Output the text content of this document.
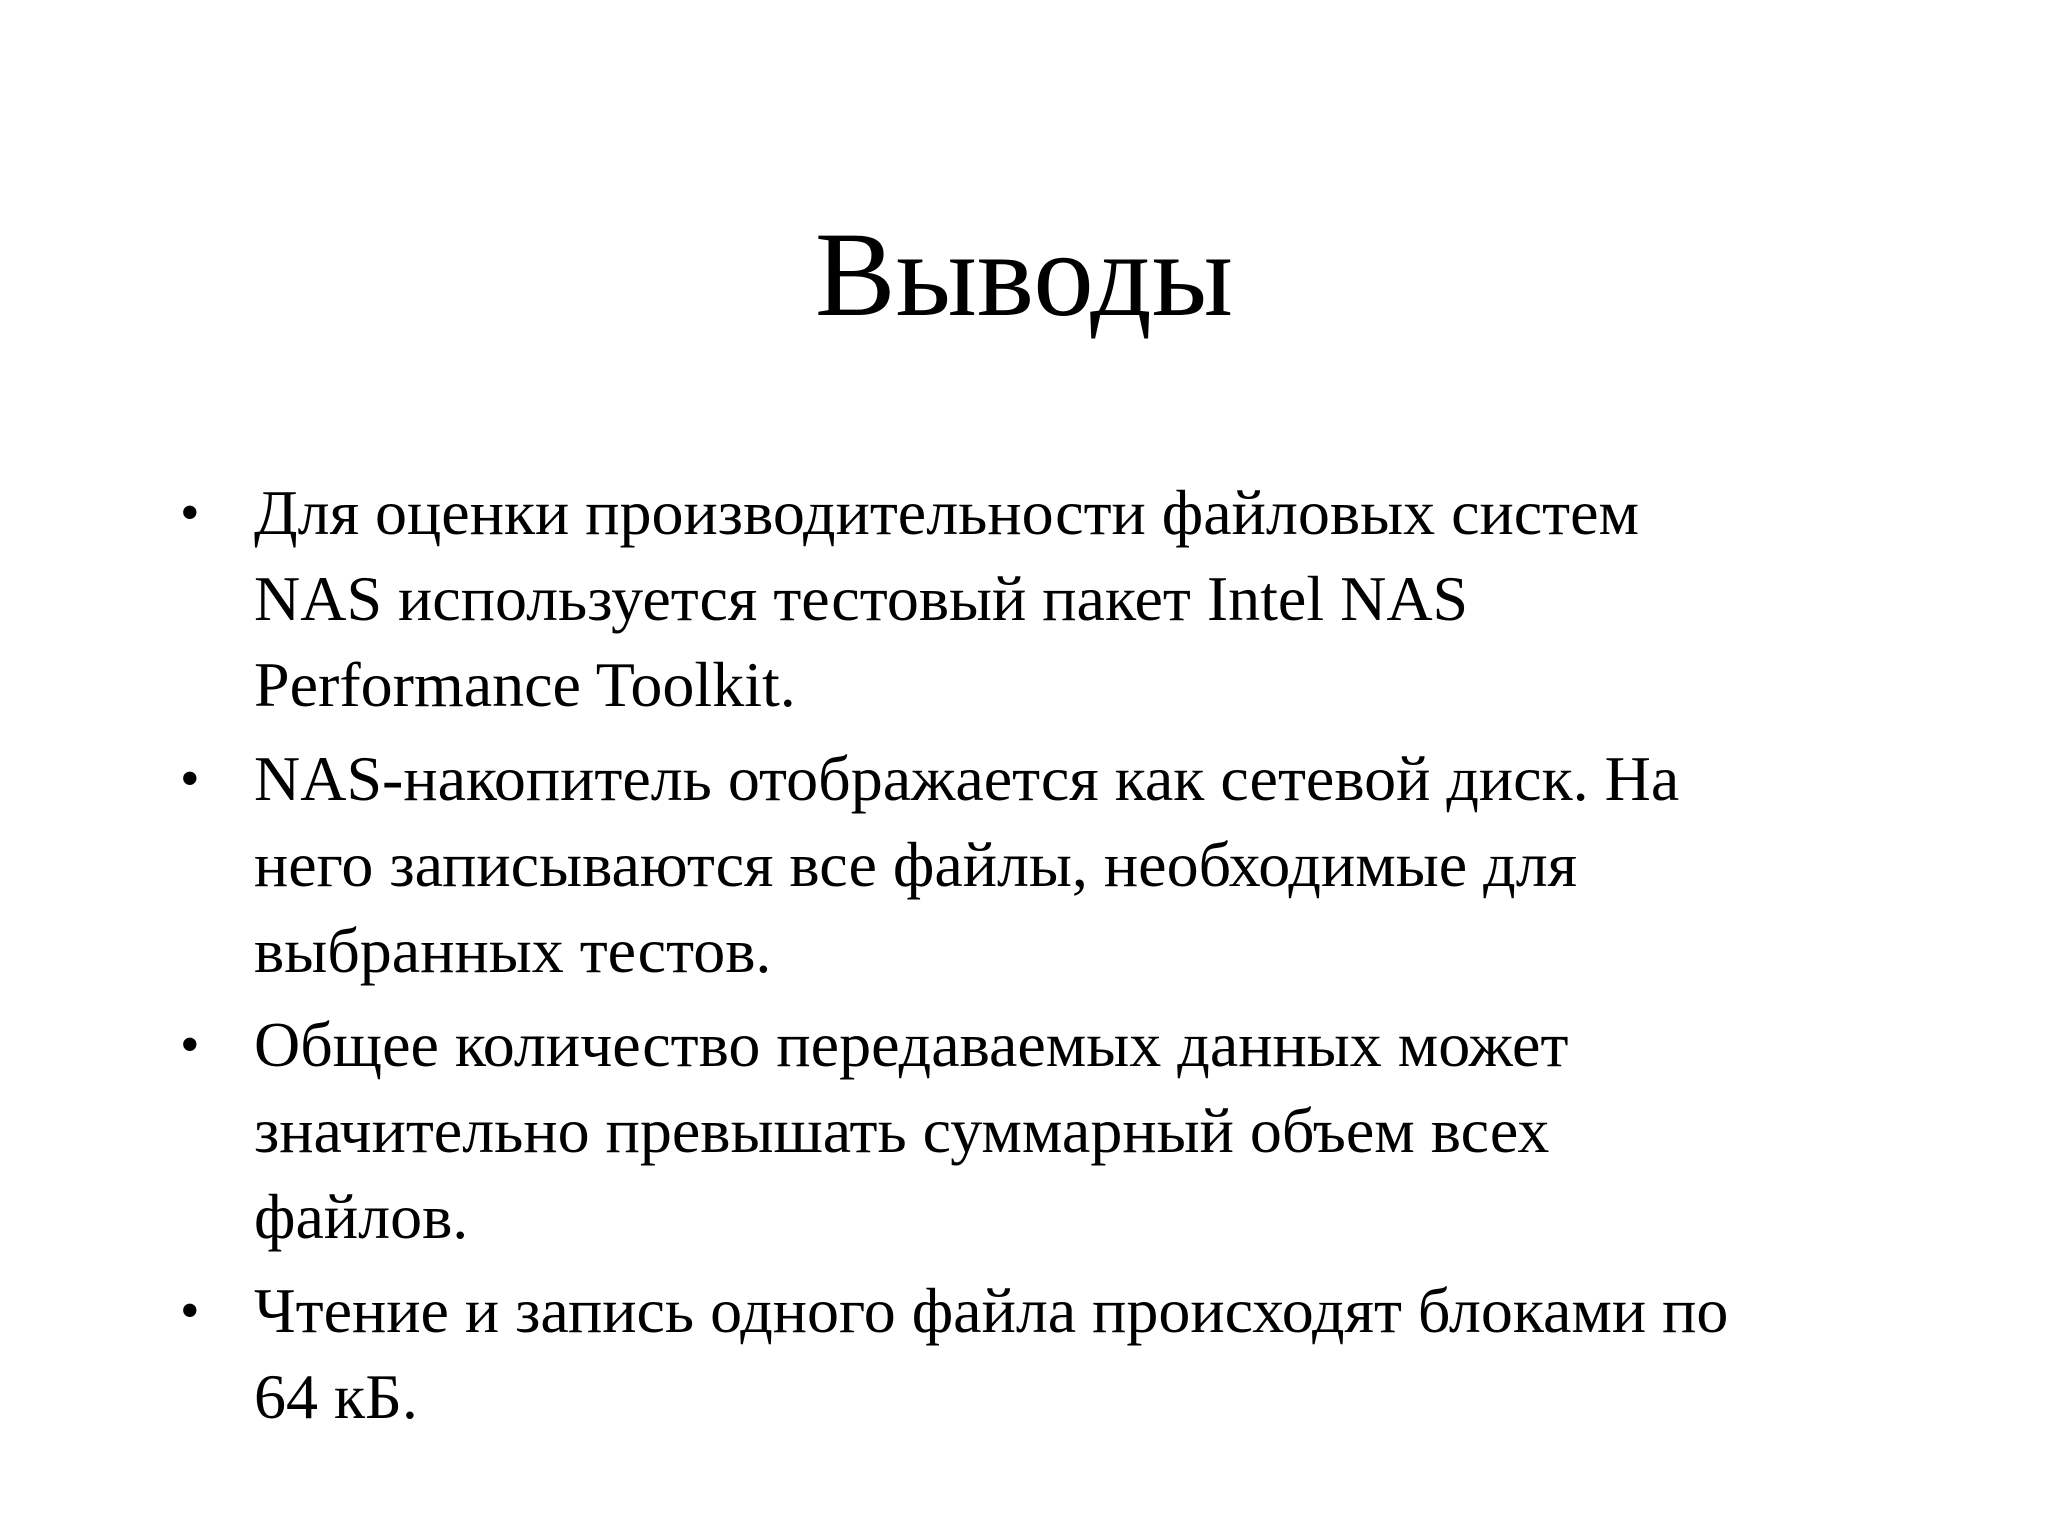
Выводы
• Для оценки производительности файловых систем
NAS используется тестовый пакет Intel NAS
Performance Toolkit.
• NAS-накопитель отображается как сетевой диск. На
него записываются все файлы, необходимые для
выбранных тестов.
• Общее количество передаваемых данных может
значительно превышать суммарный объем всех
файлов.
• Чтение и запись одного файла происходят блоками по
64 кБ.
